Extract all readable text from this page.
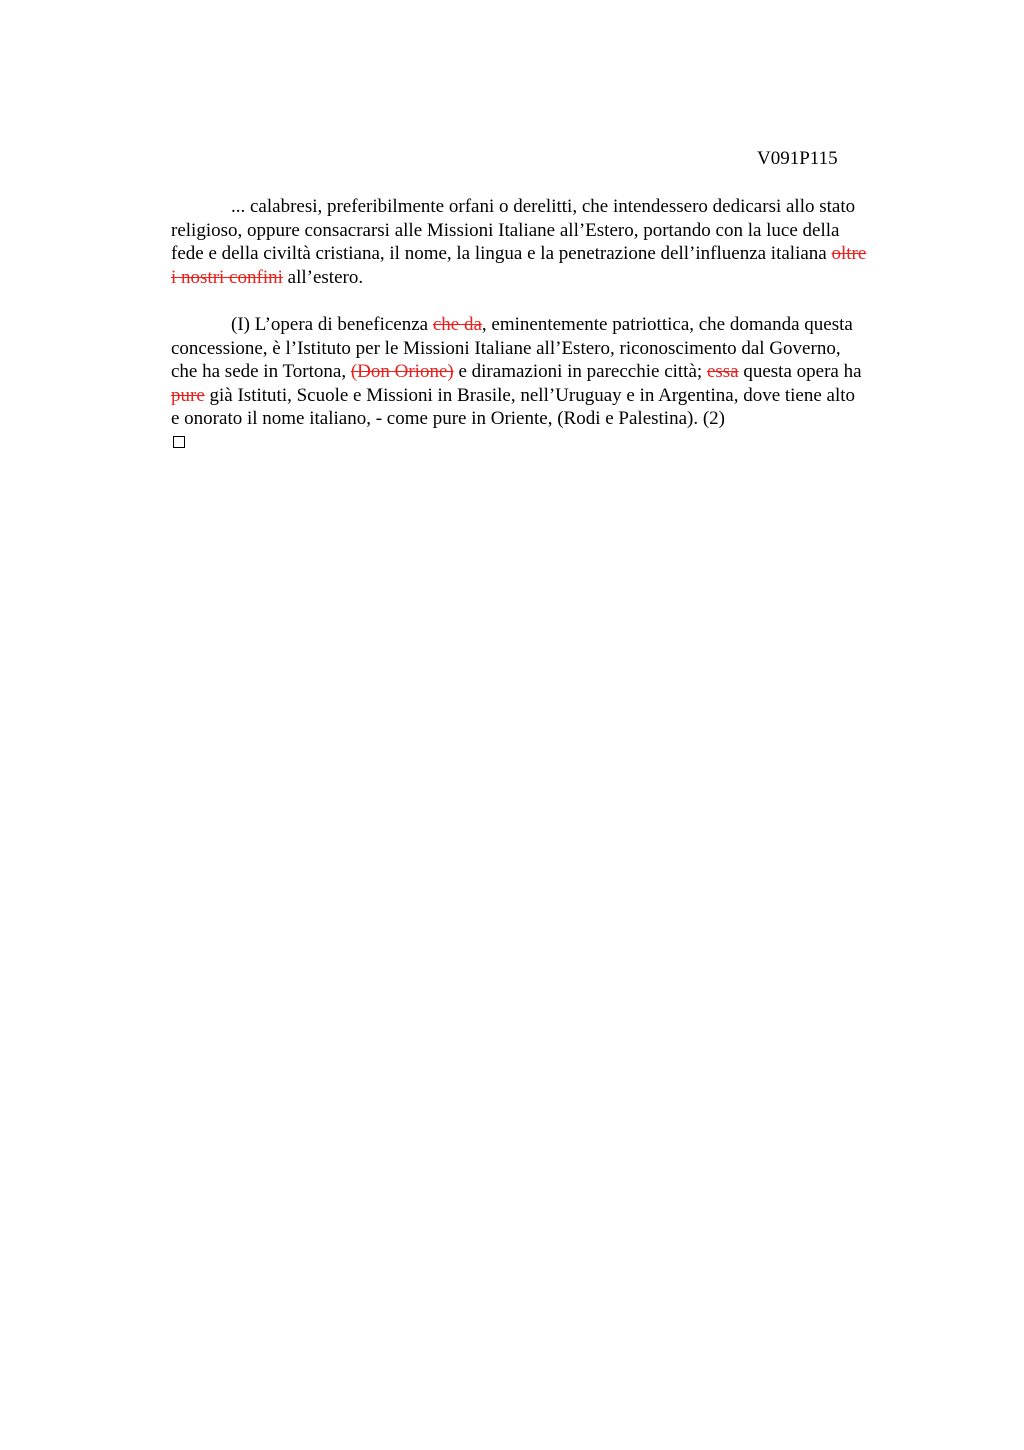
V091P115

... calabresi, preferibilmente orfani o derelitti, che intendessero dedicarsi allo stato
religioso, oppure consacrarsi alle Missioni Italiane all’Estero, portando con la luce della
fede e della civiltà cristiana, il nome, la lingua e la penetrazione dell’influenza italiana oltre
i nostri confini all’estero.

(I) L’opera di beneficenza che da, eminentemente patriottica, che domanda questa
concessione, è l’Istituto per le Missioni Italiane all’Estero, riconoscimento dal Governo,
che ha sede in Tortona, (Don Orione) e diramazioni in parecchie città; essa questa opera ha
pure già Istituti, Scuole e Missioni in Brasile, nell’Uruguay e in Argentina, dove tiene alto
e onorato il nome italiano, - come pure in Oriente, (Rodi e Palestina). (2)
